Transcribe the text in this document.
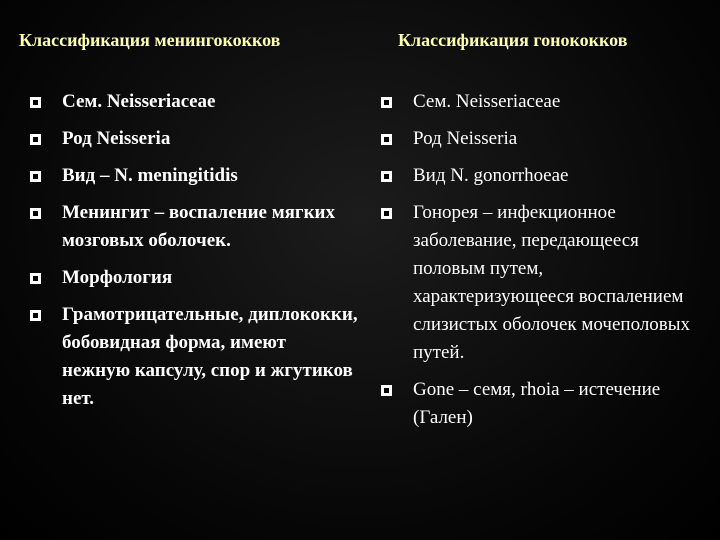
Классификация менингококков	Классификация гонококков
Сем. Neisseriaceae
Род Neisseria
Вид – N. meningitidis
Менингит – воспаление мягких мозговых оболочек.
Морфология
Грамотрицательные, диплококки, бобовидная форма, имеют нежную капсулу, спор и жгутиков нет.
Сем. Neisseriaceae
Род Neisseria
Вид N. gonorrhoeae
Гонорея – инфекционное заболевание, передающееся половым путем, характеризующееся воспалением слизистых оболочек мочеполовых путей.
Gone – семя, rhoia – истечение (Гален)
